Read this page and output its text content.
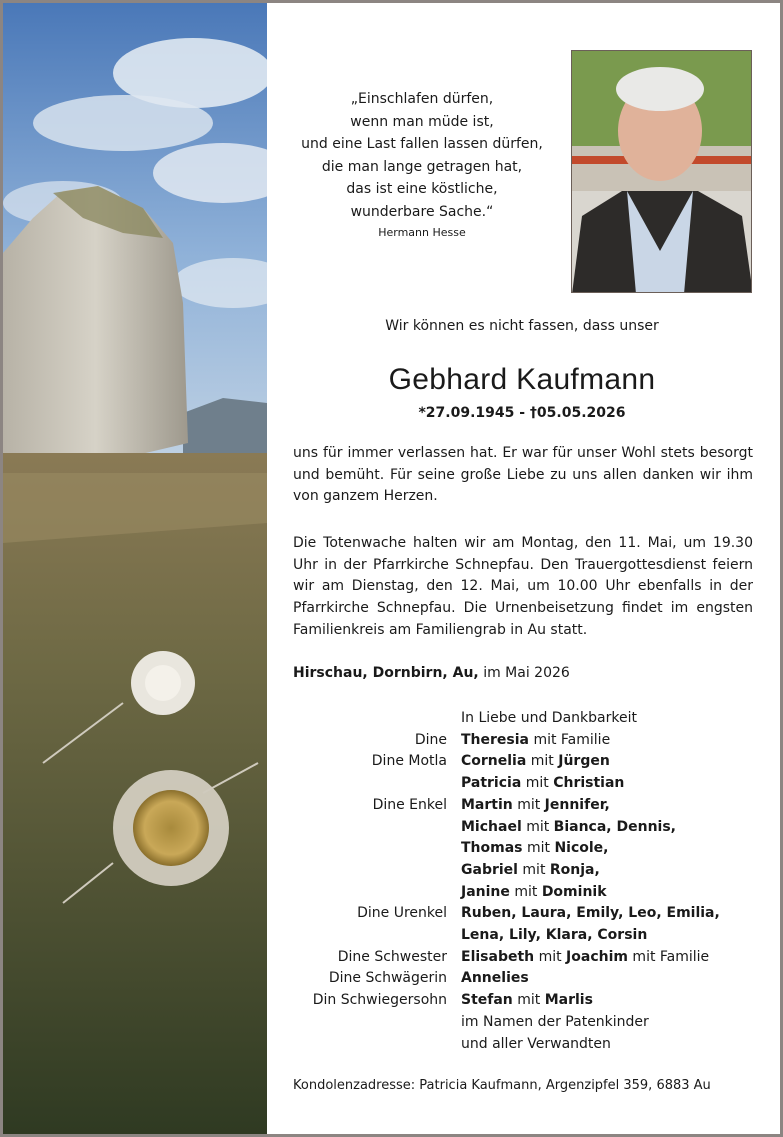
„Einschlafen dürfen,
wenn man müde ist,
und eine Last fallen lassen dürfen,
die man lange getragen hat,
das ist eine köstliche,
wunderbare Sache.“
Hermann Hesse
Wir können es nicht fassen, dass unser
Gebhard Kaufmann
*27.09.1945 - †05.05.2026

uns für immer verlassen hat. Er war für unser Wohl stets besorgt und bemüht. Für seine große Liebe zu uns allen danken wir ihm von ganzem Herzen.

Die Totenwache halten wir am Montag, den 11. Mai, um 19.30 Uhr in der Pfarrkirche Schnepfau. Den Trauergottesdienst feiern wir am Dienstag, den 12. Mai, um 10.00 Uhr ebenfalls in der Pfarrkirche Schnepfau. Die Urnenbeisetzung findet im engsten Familienkreis am Familiengrab in Au statt.

Hirschau, Dornbirn, Au, im Mai 2026
In Liebe und Dankbarkeit
Dine	Theresia mit Familie
Dine Motla	Cornelia mit Jürgen
Patricia mit Christian
Dine Enkel	Martin mit Jennifer,
Michael mit Bianca, Dennis,
Thomas mit Nicole,
Gabriel mit Ronja,
Janine mit Dominik
Dine Urenkel	Ruben, Laura, Emily, Leo, Emilia,
Lena, Lily, Klara, Corsin
Dine Schwester	Elisabeth mit Joachim mit Familie
Dine Schwägerin	Annelies
Din Schwiegersohn	Stefan mit Marlis
im Namen der Patenkinder
und aller Verwandten
Kondolenzadresse: Patricia Kaufmann, Argenzipfel 359, 6883 Au
